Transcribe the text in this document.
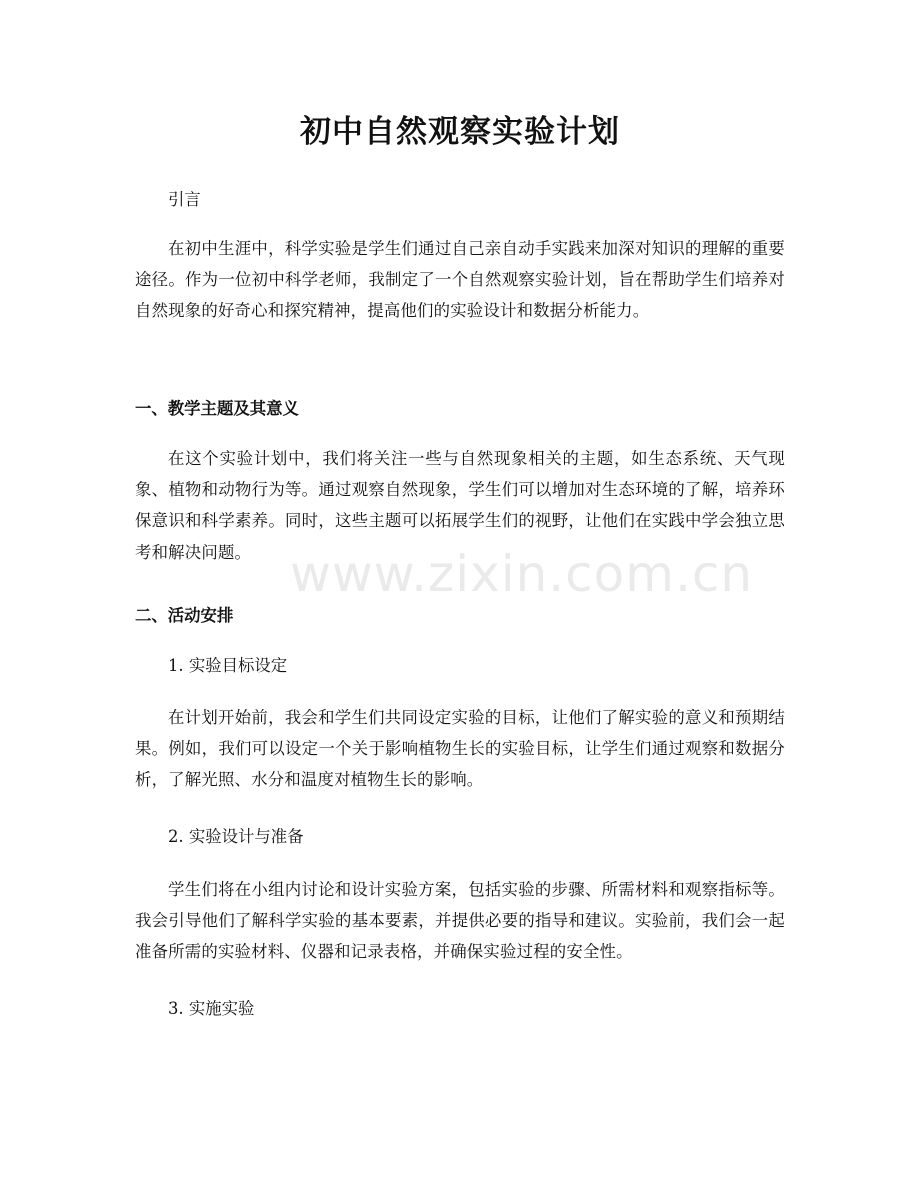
初中自然观察实验计划

引言

在初中生涯中，科学实验是学生们通过自己亲自动手实践来加深对知识的理解的重要途径。作为一位初中科学老师，我制定了一个自然观察实验计划，旨在帮助学生们培养对自然现象的好奇心和探究精神，提高他们的实验设计和数据分析能力。

一、教学主题及其意义

在这个实验计划中，我们将关注一些与自然现象相关的主题，如生态系统、天气现象、植物和动物行为等。通过观察自然现象，学生们可以增加对生态环境的了解，培养环保意识和科学素养。同时，这些主题可以拓展学生们的视野，让他们在实践中学会独立思考和解决问题。

二、活动安排

1. 实验目标设定

在计划开始前，我会和学生们共同设定实验的目标，让他们了解实验的意义和预期结果。例如，我们可以设定一个关于影响植物生长的实验目标，让学生们通过观察和数据分析，了解光照、水分和温度对植物生长的影响。

2. 实验设计与准备

学生们将在小组内讨论和设计实验方案，包括实验的步骤、所需材料和观察指标等。我会引导他们了解科学实验的基本要素，并提供必要的指导和建议。实验前，我们会一起准备所需的实验材料、仪器和记录表格，并确保实验过程的安全性。

3. 实施实验

www.zixin.com.cn
